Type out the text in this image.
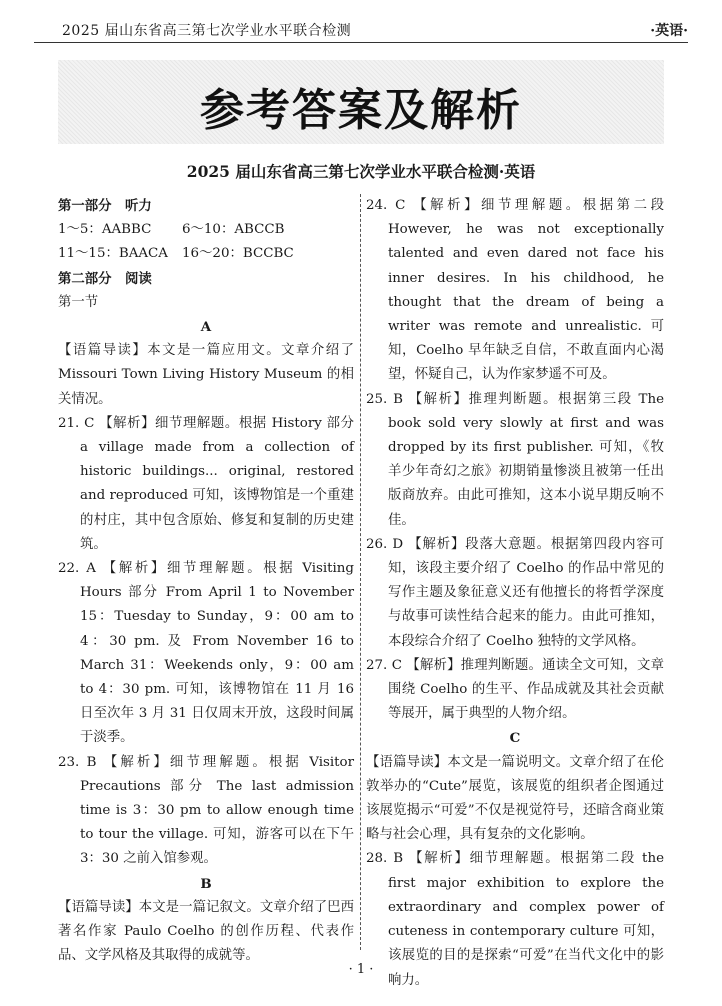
2025 届山东省高三第七次学业水平联合检测	·英语·
参考答案及解析
2025 届山东省高三第七次学业水平联合检测·英语
第一部分　听力
1～5：AABBC 6～10：ABCCB
11～15：BAACA 16～20：BCCBC
第二部分　阅读
第一节
A
【语篇导读】本文是一篇应用文。文章介绍了 Missouri Town Living History Museum 的相关情况。
21. C 【解析】细节理解题。根据 History 部分 a village made from a collection of historic buildings... original, restored and reproduced 可知，该博物馆是一个重建的村庄，其中包含原始、修复和复制的历史建筑。
22. A 【解析】细节理解题。根据 Visiting Hours 部分 From April 1 to November 15：Tuesday to Sunday，9：00 am to 4：30 pm. 及 From November 16 to March 31：Weekends only，9：00 am to 4：30 pm. 可知，该博物馆在 11 月 16 日至次年 3 月 31 日仅周末开放，这段时间属于淡季。
23. B 【解析】细节理解题。根据 Visitor Precautions 部分 The last admission time is 3：30 pm to allow enough time to tour the village. 可知，游客可以在下午 3：30 之前入馆参观。
B
【语篇导读】本文是一篇记叙文。文章介绍了巴西著名作家 Paulo Coelho 的创作历程、代表作品、文学风格及其取得的成就等。
24. C 【解析】细节理解题。根据第二段 However, he was not exceptionally talented and even dared not face his inner desires. In his childhood, he thought that the dream of being a writer was remote and unrealistic. 可知，Coelho 早年缺乏自信，不敢直面内心渴望，怀疑自己，认为作家梦遥不可及。
25. B 【解析】推理判断题。根据第三段 The book sold very slowly at first and was dropped by its first publisher. 可知，《牧羊少年奇幻之旅》初期销量惨淡且被第一任出版商放弃。由此可推知，这本小说早期反响不佳。
26. D 【解析】段落大意题。根据第四段内容可知，该段主要介绍了 Coelho 的作品中常见的写作主题及象征意义还有他擅长的将哲学深度与故事可读性结合起来的能力。由此可推知，本段综合介绍了 Coelho 独特的文学风格。
27. C 【解析】推理判断题。通读全文可知，文章围绕 Coelho 的生平、作品成就及其社会贡献等展开，属于典型的人物介绍。
C
【语篇导读】本文是一篇说明文。文章介绍了在伦敦举办的“Cute”展览，该展览的组织者企图通过该展览揭示“可爱”不仅是视觉符号，还暗含商业策略与社会心理，具有复杂的文化影响。
28. B 【解析】细节理解题。根据第二段 the first major exhibition to explore the extraordinary and complex power of cuteness in contemporary culture 可知，该展览的目的是探索“可爱”在当代文化中的影响力。
· 1 ·
